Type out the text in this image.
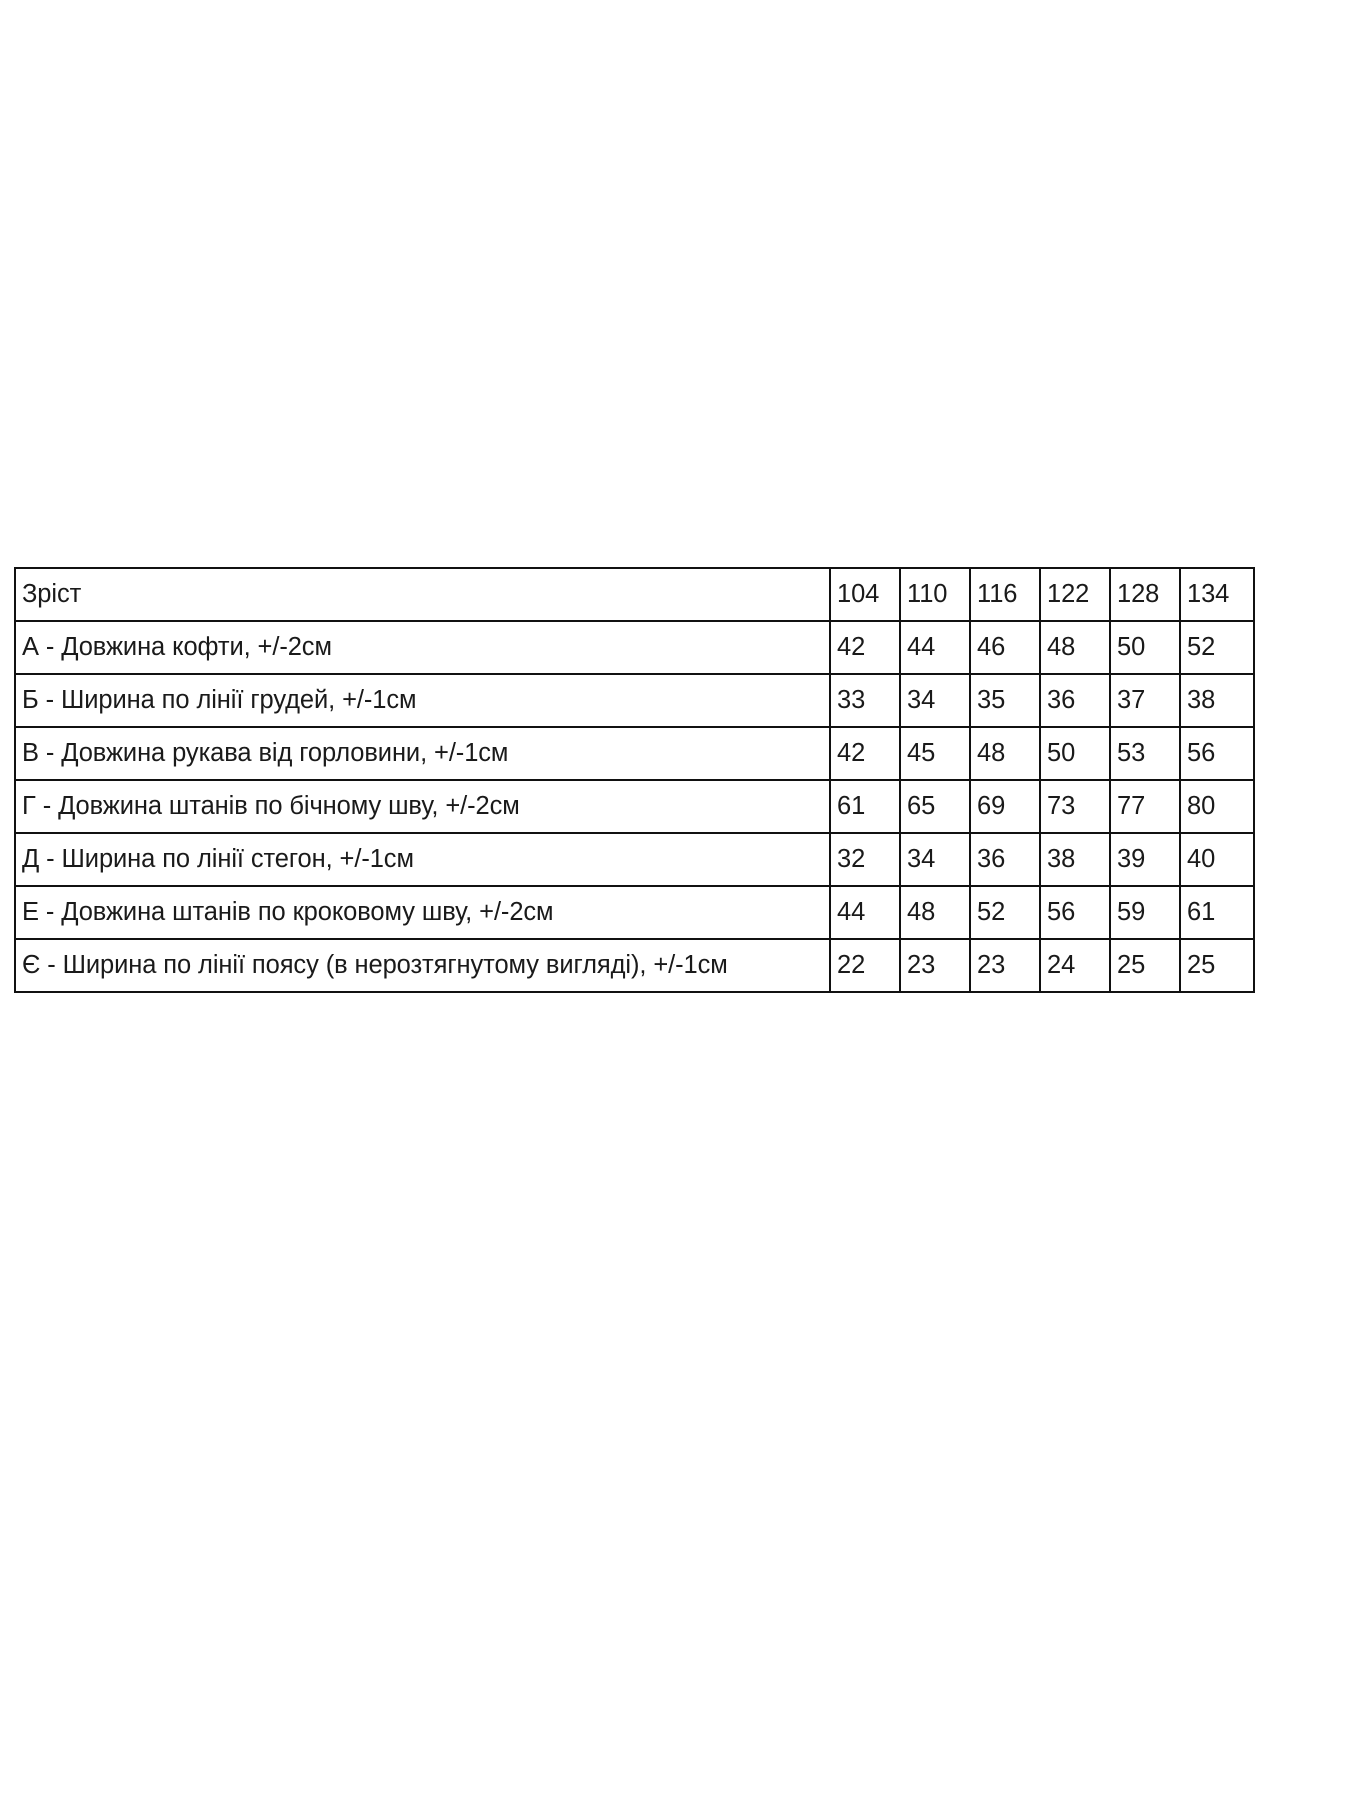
Зріст	104	110	116	122	128	134
А - Довжина кофти, +/-2см	42	44	46	48	50	52
Б - Ширина по лінії грудей, +/-1см	33	34	35	36	37	38
В - Довжина рукава від горловини, +/-1см	42	45	48	50	53	56
Г - Довжина штанів по бічному шву, +/-2см	61	65	69	73	77	80
Д - Ширина по лінії стегон, +/-1см	32	34	36	38	39	40
Е - Довжина штанів по кроковому шву, +/-2см	44	48	52	56	59	61
Є - Ширина по лінії поясу (в нерозтягнутому вигляді), +/-1см	22	23	23	24	25	25
